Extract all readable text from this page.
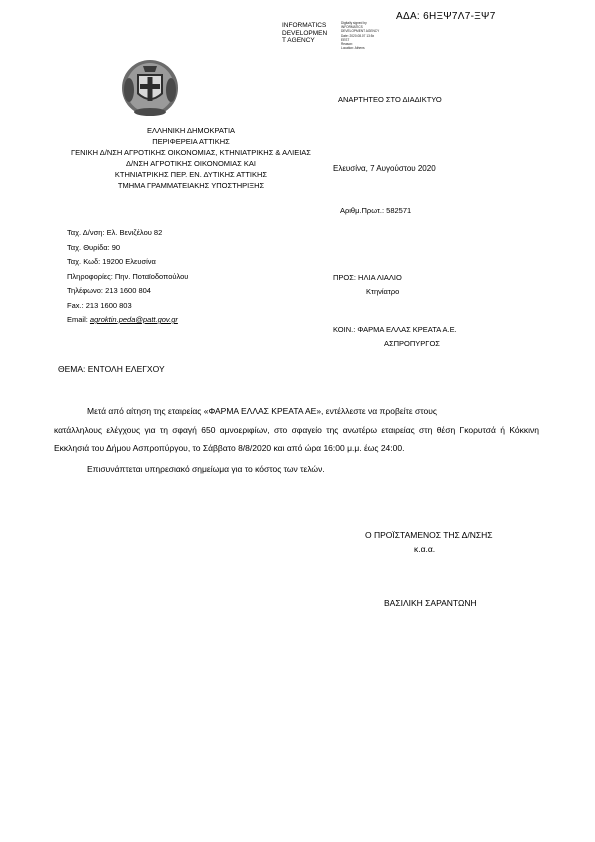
ΑΔΑ: 6ΗΞΨ7Λ7-ΞΨ7
INFORMATICS
DEVELOPMEN
T AGENCY
Digitally signed by
INFORMATICS
DEVELOPMENT AGENCY
Date: 2020.08.07 13:5x
EEST
Reason:
Location: Athens
ΕΛΛΗΝΙΚΗ ΔΗΜΟΚΡΑΤΙΑ
ΠΕΡΙΦΕΡΕΙΑ ΑΤΤΙΚΗΣ
ΓΕΝΙΚΗ Δ/ΝΣΗ ΑΓΡΟΤΙΚΗΣ ΟΙΚΟΝΟΜΙΑΣ, ΚΤΗΝΙΑΤΡΙΚΗΣ & ΑΛΙΕΙΑΣ
Δ/ΝΣΗ ΑΓΡΟΤΙΚΗΣ ΟΙΚΟΝΟΜΙΑΣ ΚΑΙ
ΚΤΗΝΙΑΤΡΙΚΗΣ ΠΕΡ. ΕΝ. ΔΥΤΙΚΗΣ ΑΤΤΙΚΗΣ
ΤΜΗΜΑ ΓΡΑΜΜΑΤΕΙΑΚΗΣ ΥΠΟΣΤΗΡΙΞΗΣ
ΑΝΑΡΤΗΤΕΟ ΣΤΟ ΔΙΑΔΙΚΤΥΟ
Ελευσίνα, 7 Αυγούστου 2020
Αριθμ.Πρωτ.: 582571
Ταχ. Δ/νση: Ελ. Βενιζέλου 82
Ταχ. Θυρίδα: 90
Ταχ. Κωδ: 19200 Ελευσίνα
Πληροφορίες: Πην. Ποταϊοδοπούλου
Τηλέφωνο: 213 1600 804
Fax.: 213 1600 803
Email: agroktin.peda@patt.gov.gr
ΠΡΟΣ: ΗΛΙΑ ΛΙΑΛΙΟ
Κτηνίατρο
ΚΟΙΝ.: ΦΑΡΜΑ ΕΛΛΑΣ ΚΡΕΑΤΑ Α.Ε.
ΑΣΠΡΟΠΥΡΓΟΣ
ΘΕΜΑ: ΕΝΤΟΛΗ ΕΛΕΓΧΟΥ

Μετά από αίτηση της εταιρείας «ΦΑΡΜΑ ΕΛΛΑΣ ΚΡΕΑΤΑ ΑΕ», εντέλλεστε να προβείτε στους

κατάλληλους ελέγχους για τη σφαγή 650 αμνοεριφίων, στο σφαγείο της ανωτέρω εταιρείας στη θέση Γκορυτσά ή Κόκκινη Εκκλησιά του Δήμου Ασπροπύργου, το Σάββατο 8/8/2020 και από ώρα 16:00 μ.μ. έως 24:00.

Επισυνάπτεται υπηρεσιακό σημείωμα για το κόστος των τελών.

Ο ΠΡΟΪΣΤΑΜΕΝΟΣ ΤΗΣ Δ/ΝΣΗΣ
κ.α.α.
ΒΑΣΙΛΙΚΗ ΣΑΡΑΝΤΩΝΗ
